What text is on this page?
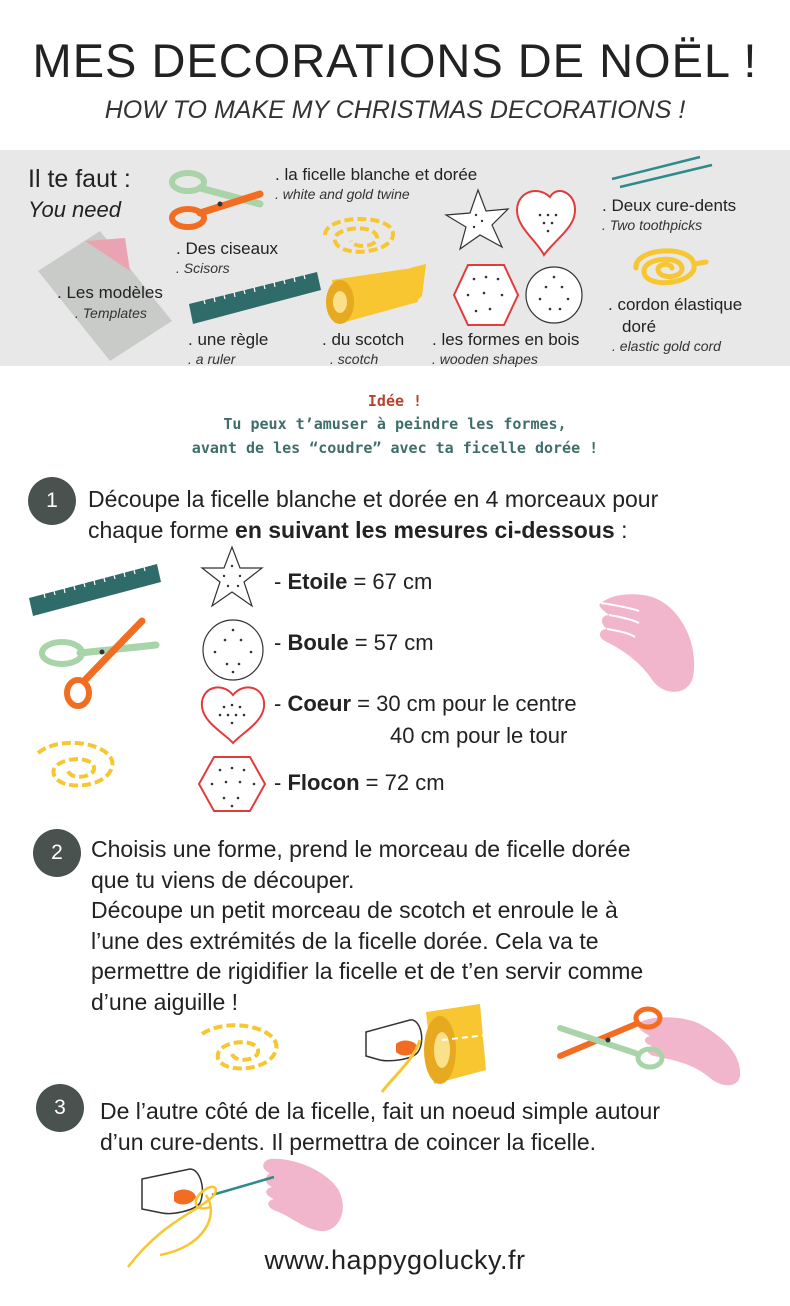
MES DECORATIONS DE NOËL !
HOW TO MAKE MY CHRISTMAS DECORATIONS !
Il te faut :
You need
. Les modèles
. Templates
. Des ciseaux
. Scisors
. la ficelle blanche et dorée
. white and gold twine
. une règle
. a ruler
. du scotch
. scotch
. les formes en bois
. wooden shapes
. Deux cure-dents
. Two toothpicks
. cordon élastique
doré
. elastic gold cord
Idée !
Tu peux t’amuser à peindre les formes,
avant de les “coudre” avec ta ficelle dorée !
1	Découpe la ficelle blanche et dorée en 4 morceaux pour
chaque forme en suivant les mesures ci-dessous :
- Etoile = 67 cm
- Boule = 57 cm
- Coeur = 30 cm pour le centre
40 cm pour le tour
- Flocon = 72 cm
2	Choisis une forme, prend le morceau de ficelle dorée
que tu viens de découper.
Découpe un petit morceau de scotch et enroule le à
l’une des extrémités de la ficelle dorée. Cela va te
permettre de rigidifier la ficelle et de t’en servir comme
d’une aiguille !
3	De l’autre côté de la ficelle, fait un noeud simple autour
d’un cure-dents. Il permettra de coincer la ficelle.
www.happygolucky.fr
